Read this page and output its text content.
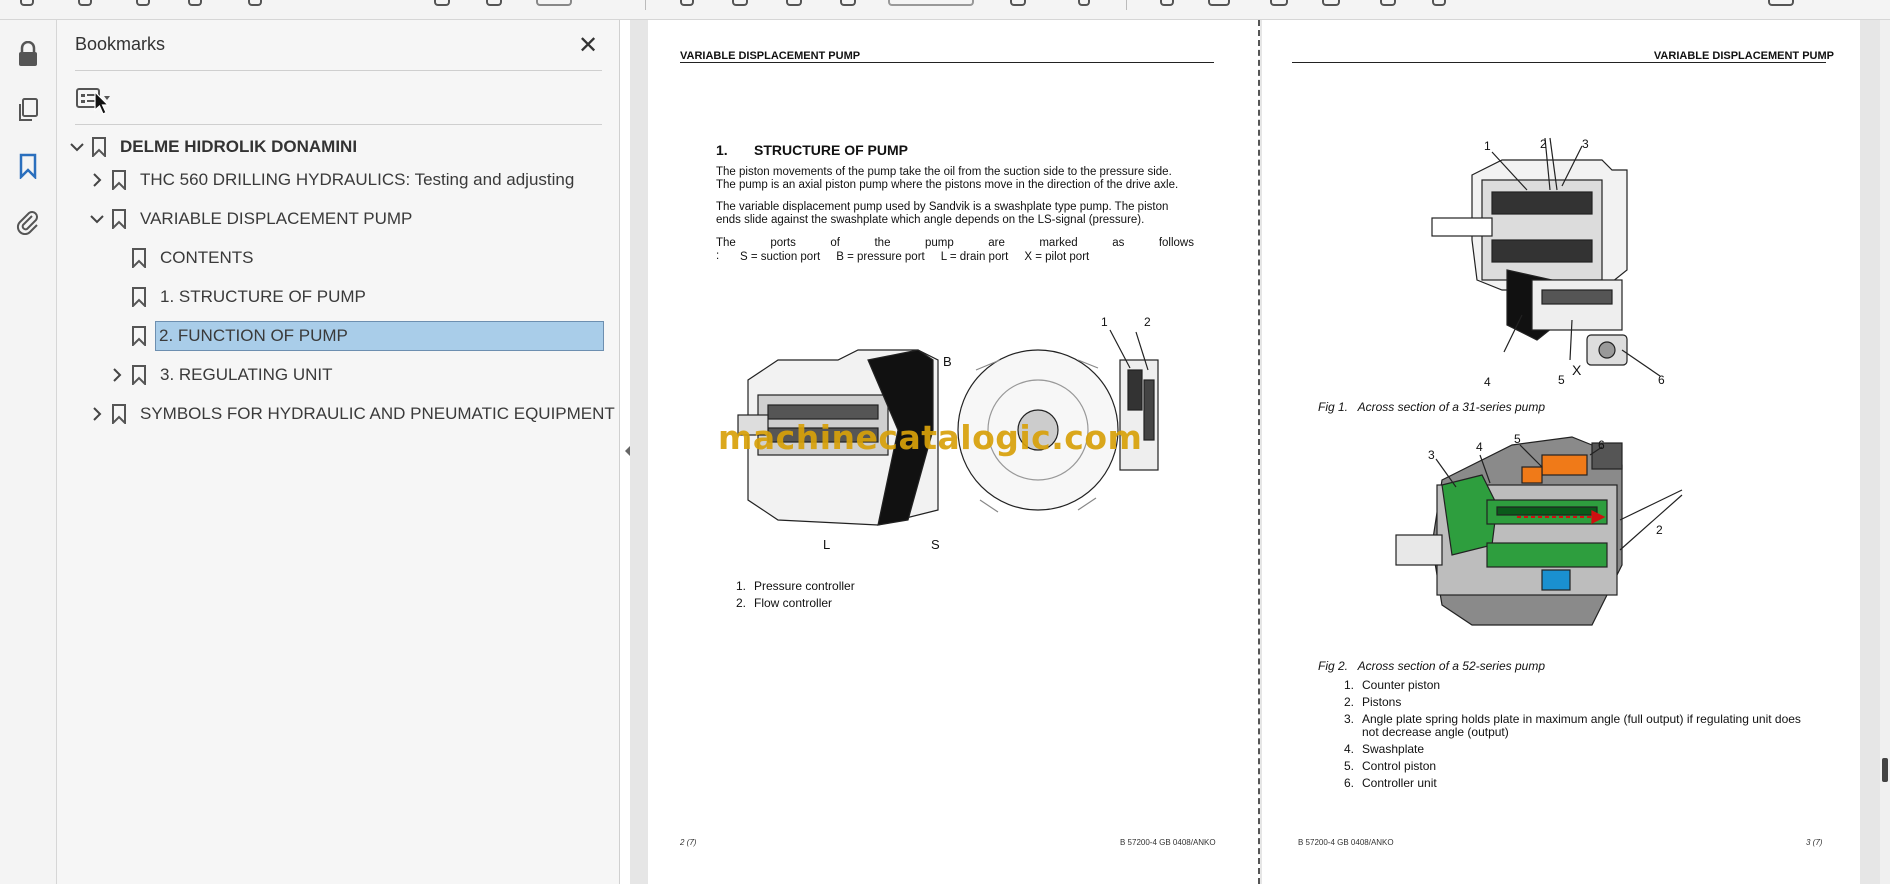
Bookmarks	✕
DELME HIDROLIK DONAMINI
THC 560 DRILLING HYDRAULICS: Testing and adjusting
VARIABLE DISPLACEMENT PUMP
CONTENTS
1. STRUCTURE OF PUMP
2. FUNCTION OF PUMP
3. REGULATING UNIT
SYMBOLS FOR HYDRAULIC AND PNEUMATIC EQUIPMENT
VARIABLE DISPLACEMENT PUMP
1. STRUCTURE OF PUMP
The piston movements of the pump take the oil from the suction side to the pressure side.
The pump is an axial piston pump where the pistons move in the direction of the drive axle.
The variable displacement pump used by Sandvik is a swashplate type pump. The piston
ends slide against the swashplate which angle depends on the LS-signal (pressure).
The ports of the pump are marked as follows :	S = suction port     B = pressure port     L = drain port     X = pilot port
B
L	S
1	2
machinecatalogic.com
1. Pressure controller
2. Flow controller
2 (7)	B 57200-4 GB 0408/ANKO
VARIABLE DISPLACEMENT PUMP
1	2	3
4	5
X
6
Fig 1.   Across section of a 31-series pump
3
4
5	6
2
Fig 2.   Across section of a 52-series pump
1. Counter piston
2. Pistons
3. Angle plate spring holds plate in maximum angle (full output) if regulating unit does
not decrease angle (output)
4. Swashplate
5. Control piston
6. Controller unit
B 57200-4 GB 0408/ANKO	3 (7)
